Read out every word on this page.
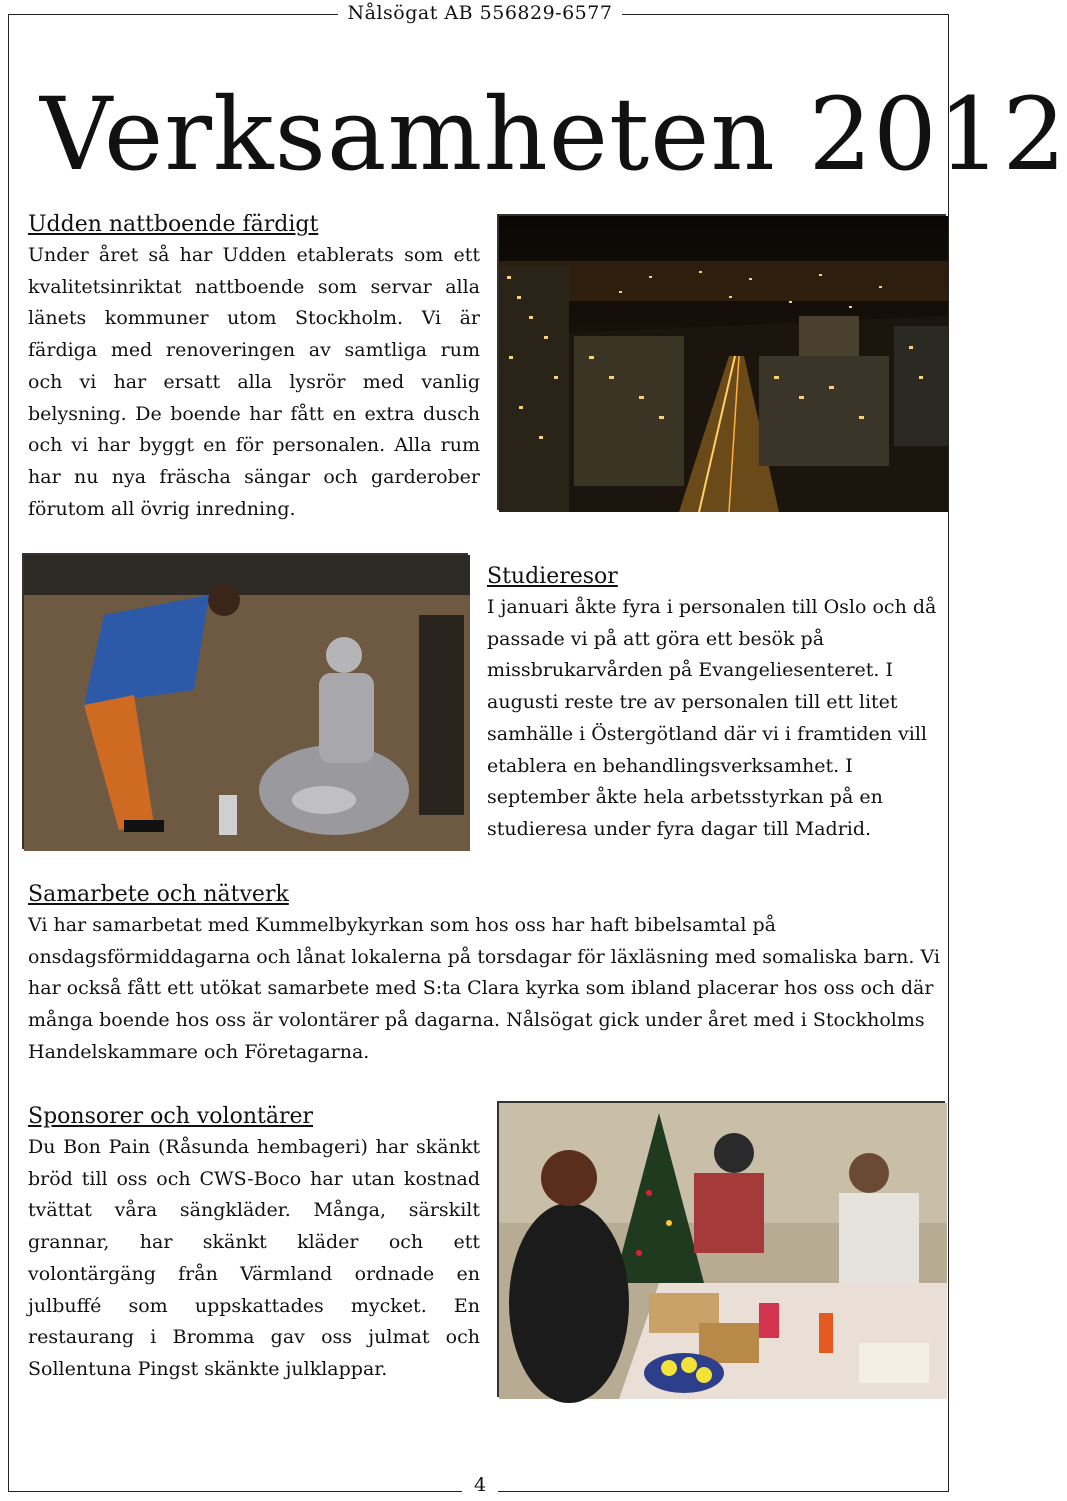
Nålsögat AB 556829-6577
Verksamheten 2012
Udden nattboende färdigt

Under året så har Udden etablerats som ett kvalitetsinriktat nattboende som servar alla länets kommuner utom Stockholm. Vi är färdiga med renoveringen av samtliga rum och vi har ersatt alla lysrör med vanlig belysning. De boende har fått en extra dusch och vi har byggt en för personalen. Alla rum har nu nya fräscha sängar och garderober förutom all övrig inredning.

Studieresor

I januari åkte fyra i personalen till Oslo och då passade vi på att göra ett besök på missbrukarvården på Evangeliesenteret. I augusti reste tre av personalen till ett litet samhälle i Östergötland där vi i framtiden vill etablera en behandlingsverksamhet. I september åkte hela arbetsstyrkan på en studieresa under fyra dagar till Madrid.

Samarbete och nätverk

Vi har samarbetat med Kummelbykyrkan som hos oss har haft bibelsamtal på onsdagsförmiddagarna och lånat lokalerna på torsdagar för läxläsning med somaliska barn. Vi har också fått ett utökat samarbete med S:ta Clara kyrka som ibland placerar hos oss och där många boende hos oss är volontärer på dagarna. Nålsögat gick under året med i Stockholms Handelskammare och Företagarna.

Sponsorer och volontärer

Du Bon Pain (Råsunda hembageri) har skänkt bröd till oss och CWS-Boco har utan kostnad tvättat våra sängkläder. Många, särskilt grannar, har skänkt kläder och ett volontärgäng från Värmland ordnade en julbuffé som uppskattades mycket. En restaurang i Bromma gav oss julmat och Sollentuna Pingst skänkte julklappar.

4
